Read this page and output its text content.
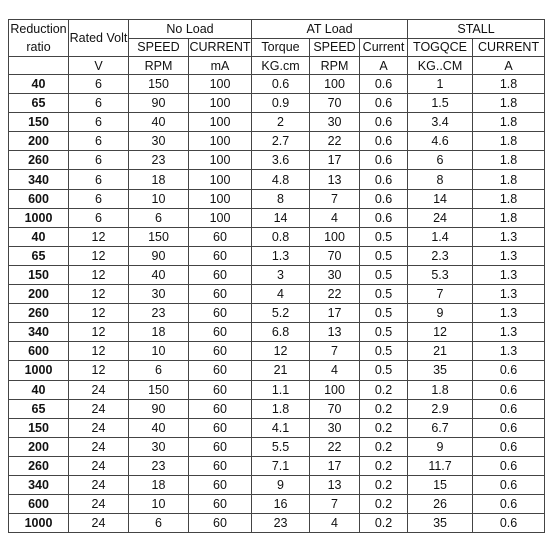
Reduction ratio	Rated Volt	No Load		AT Load			STALL	
		SPEED	CURRENT	Torque	SPEED	Current	TOGQCE	CURRENT
	V	RPM	mA	KG.cm	RPM	A	KG..CM	A
40	6	150	100	0.6	100	0.6	1	1.8
65	6	90	100	0.9	70	0.6	1.5	1.8
150	6	40	100	2	30	0.6	3.4	1.8
200	6	30	100	2.7	22	0.6	4.6	1.8
260	6	23	100	3.6	17	0.6	6	1.8
340	6	18	100	4.8	13	0.6	8	1.8
600	6	10	100	8	7	0.6	14	1.8
1000	6	6	100	14	4	0.6	24	1.8
40	12	150	60	0.8	100	0.5	1.4	1.3
65	12	90	60	1.3	70	0.5	2.3	1.3
150	12	40	60	3	30	0.5	5.3	1.3
200	12	30	60	4	22	0.5	7	1.3
260	12	23	60	5.2	17	0.5	9	1.3
340	12	18	60	6.8	13	0.5	12	1.3
600	12	10	60	12	7	0.5	21	1.3
1000	12	6	60	21	4	0.5	35	0.6
40	24	150	60	1.1	100	0.2	1.8	0.6
65	24	90	60	1.8	70	0.2	2.9	0.6
150	24	40	60	4.1	30	0.2	6.7	0.6
200	24	30	60	5.5	22	0.2	9	0.6
260	24	23	60	7.1	17	0.2	11.7	0.6
340	24	18	60	9	13	0.2	15	0.6
600	24	10	60	16	7	0.2	26	0.6
1000	24	6	60	23	4	0.2	35	0.6
